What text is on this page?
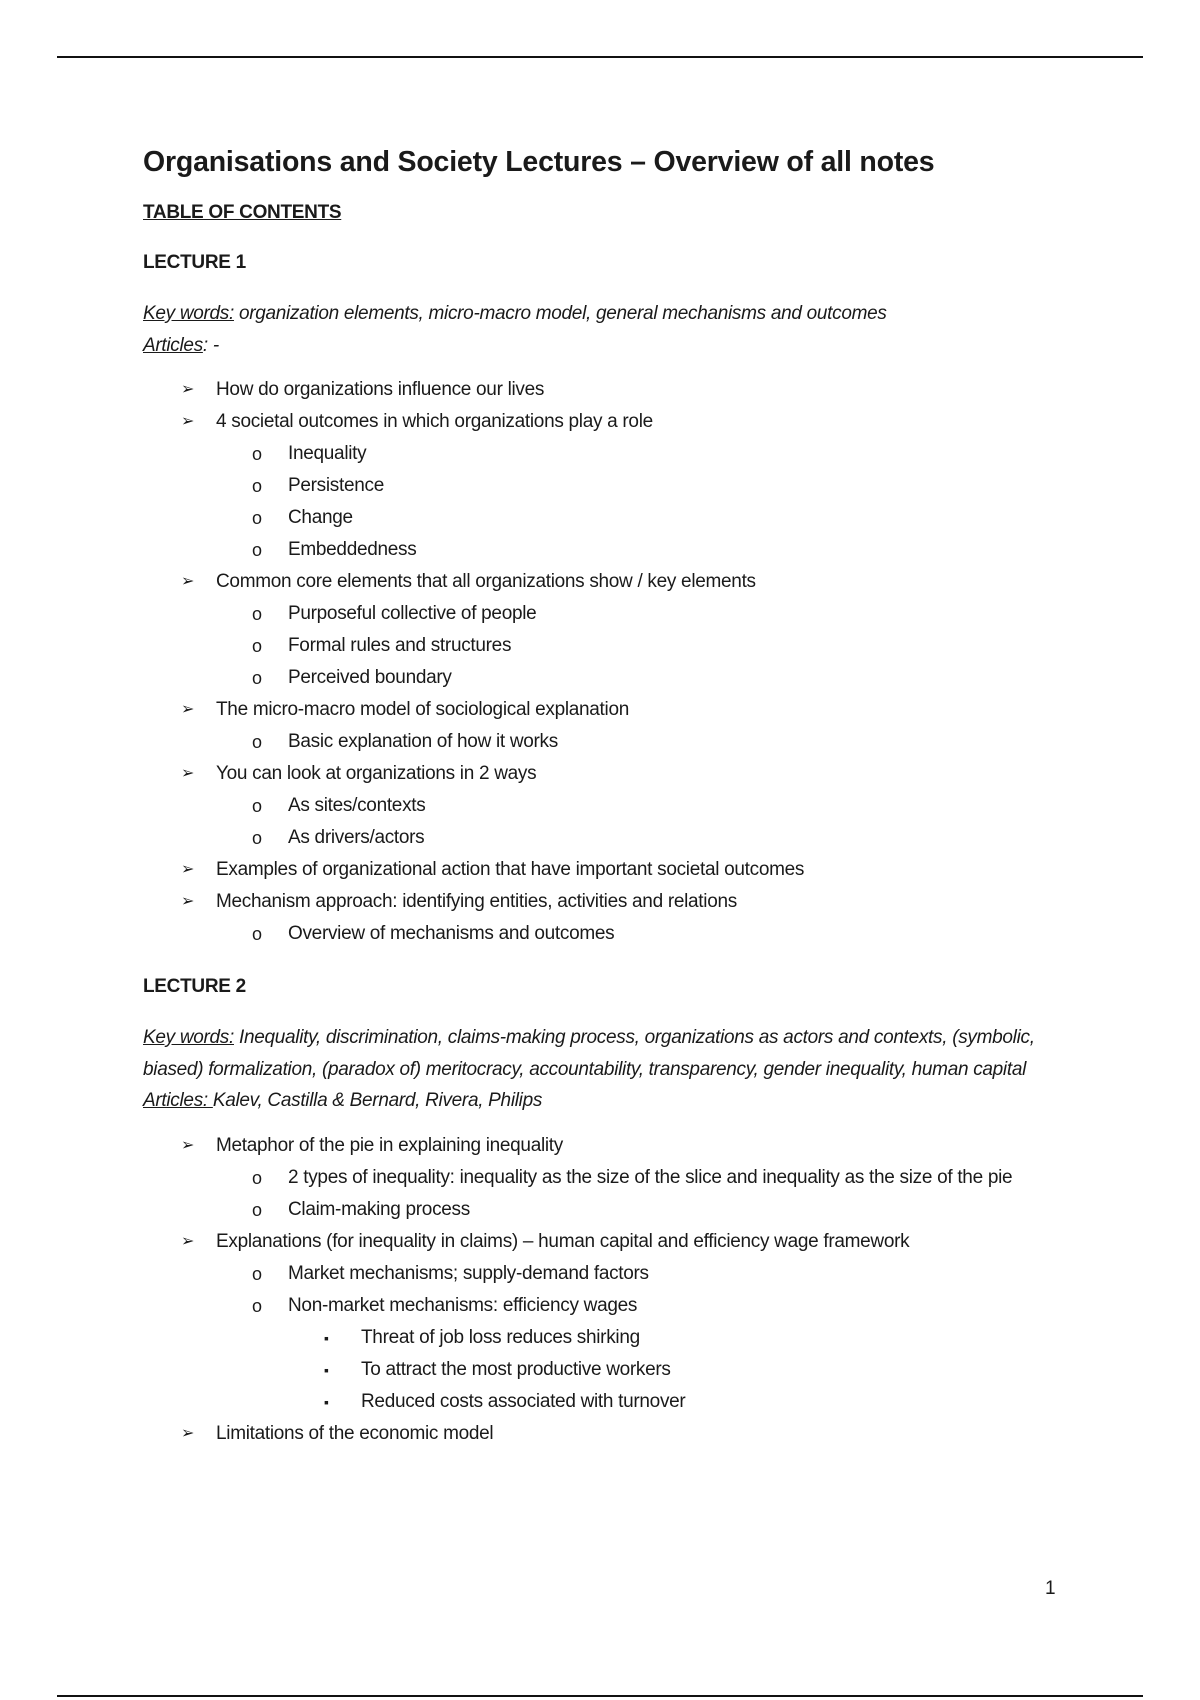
Organisations and Society Lectures – Overview of all notes
TABLE OF CONTENTS
LECTURE 1
Key words: organization elements, micro-macro model, general mechanisms and outcomes
Articles: -
➢	How do organizations influence our lives
➢	4 societal outcomes in which organizations play a role
o	Inequality
o	Persistence
o	Change
o	Embeddedness
➢	Common core elements that all organizations show / key elements
o	Purposeful collective of people
o	Formal rules and structures
o	Perceived boundary
➢	The micro-macro model of sociological explanation
o	Basic explanation of how it works
➢	You can look at organizations in 2 ways
o	As sites/contexts
o	As drivers/actors
➢	Examples of organizational action that have important societal outcomes
➢	Mechanism approach: identifying entities, activities and relations
o	Overview of mechanisms and outcomes
LECTURE 2
Key words: Inequality, discrimination, claims-making process, organizations as actors and contexts, (symbolic, biased) formalization, (paradox of) meritocracy, accountability, transparency, gender inequality, human capital
Articles: Kalev, Castilla & Bernard, Rivera, Philips
➢	Metaphor of the pie in explaining inequality
o	2 types of inequality: inequality as the size of the slice and inequality as the size of the pie
o	Claim-making process
➢	Explanations (for inequality in claims) – human capital and efficiency wage framework
o	Market mechanisms; supply-demand factors
o	Non-market mechanisms: efficiency wages
▪	Threat of job loss reduces shirking
▪	To attract the most productive workers
▪	Reduced costs associated with turnover
➢	Limitations of the economic model
1
